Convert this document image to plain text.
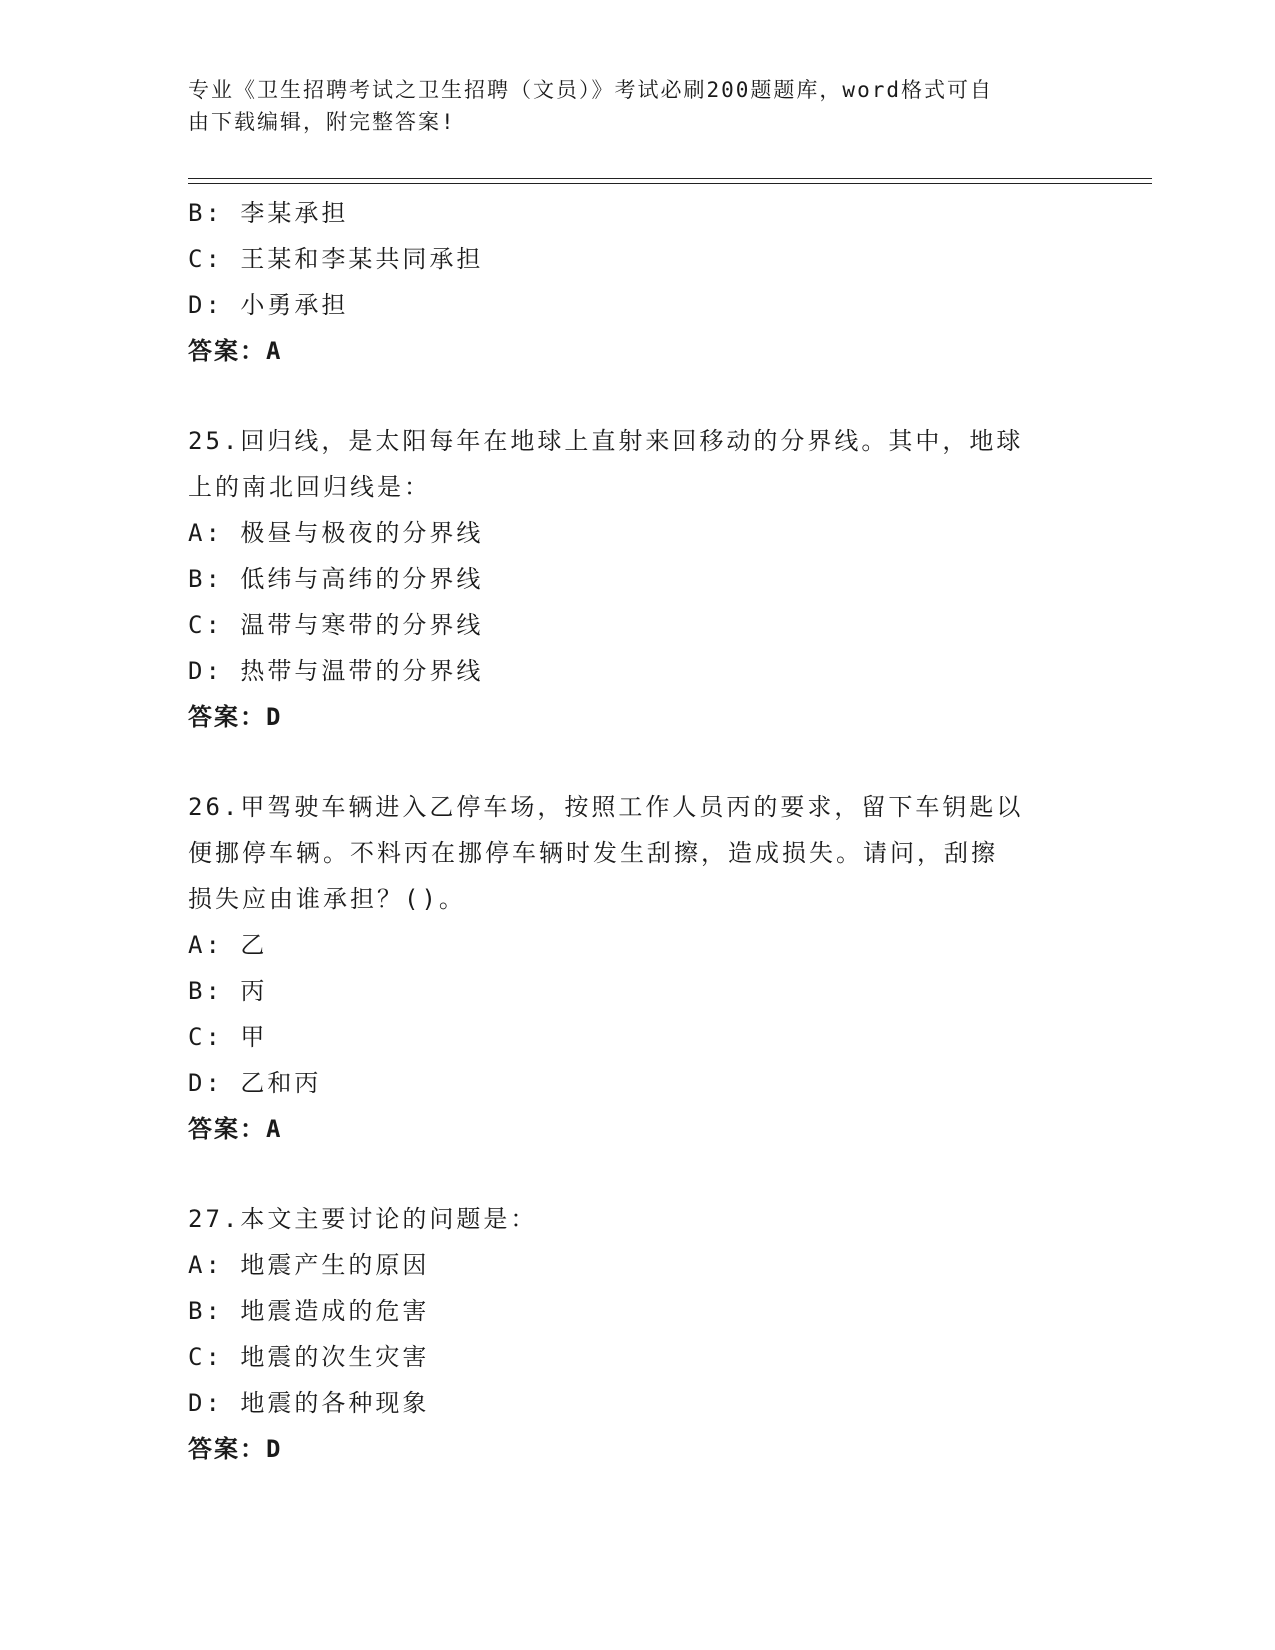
专业《卫生招聘考试之卫生招聘（文员）》考试必刷200题题库，word格式可自
由下载编辑，附完整答案!
B: 李某承担
C: 王某和李某共同承担
D: 小勇承担
答案：A
25.回归线，是太阳每年在地球上直射来回移动的分界线。其中，地球
上的南北回归线是：
A: 极昼与极夜的分界线
B: 低纬与高纬的分界线
C: 温带与寒带的分界线
D: 热带与温带的分界线
答案：D
26.甲驾驶车辆进入乙停车场，按照工作人员丙的要求，留下车钥匙以
便挪停车辆。不料丙在挪停车辆时发生刮擦，造成损失。请问，刮擦
损失应由谁承担？()。
A: 乙
B: 丙
C: 甲
D: 乙和丙
答案：A
27.本文主要讨论的问题是：
A: 地震产生的原因
B: 地震造成的危害
C: 地震的次生灾害
D: 地震的各种现象
答案：D
